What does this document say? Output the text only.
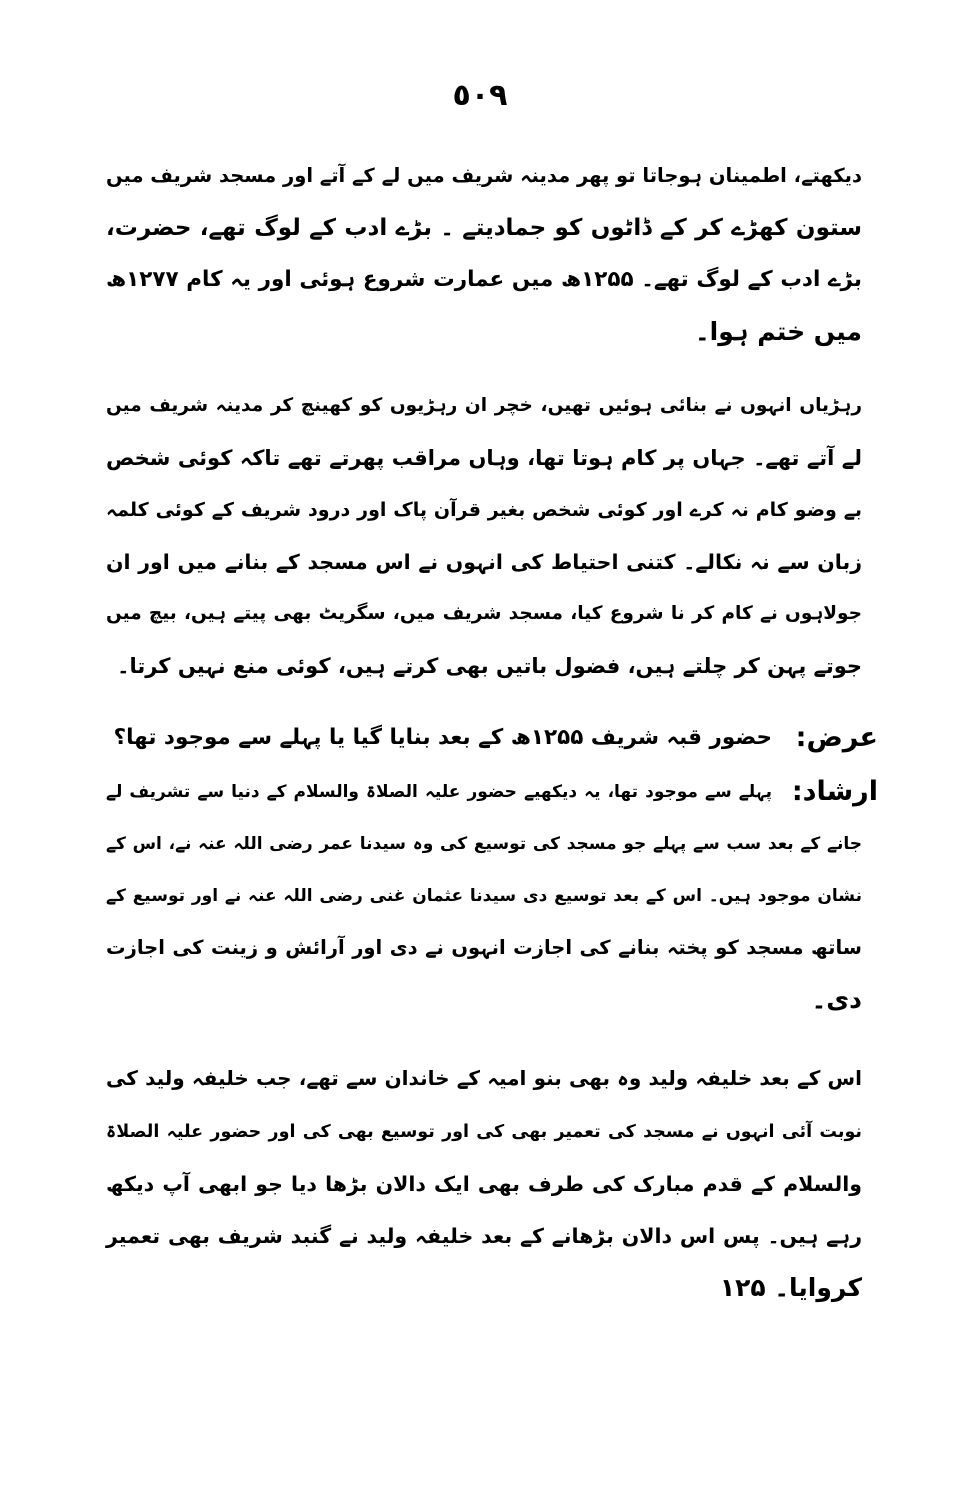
٥٠٩
دیکھتے، اطمینان ہوجاتا تو پھر مدینہ شریف میں لے کے آتے اور مسجد شریف میں
ستون کھڑے کر کے ڈاٹوں کو جمادیتے ۔ بڑے ادب کے لوگ تھے، حضرت،
بڑے ادب کے لوگ تھے۔ ۱۲۵۵ھ میں عمارت شروع ہوئی اور یہ کام ۱۲۷۷ھ
میں ختم ہوا۔
رہڑیاں انہوں نے بنائی ہوئیں تھیں، خچر ان رہڑیوں کو کھینچ کر مدینہ شریف میں
لے آتے تھے۔ جہاں پر کام ہوتا تھا، وہاں مراقب پھرتے تھے تاکہ کوئی شخص
بے وضو کام نہ کرے اور کوئی شخص بغیر قرآن پاک اور درود شریف کے کوئی کلمہ
زبان سے نہ نکالے۔ کتنی احتیاط کی انہوں نے اس مسجد کے بنانے میں اور ان
جولاہوں نے کام کر نا شروع کیا، مسجد شریف میں، سگریٹ بھی پیتے ہیں، بیچ میں
جوتے پہن کر چلتے ہیں، فضول باتیں بھی کرتے ہیں، کوئی منع نہیں کرتا۔
عرض:
حضور قبہ شریف ۱۲۵۵ھ کے بعد بنایا گیا یا پہلے سے موجود تھا؟
ارشاد:
پہلے سے موجود تھا، یہ دیکھیے حضور علیہ الصلاۃ والسلام کے دنیا سے تشریف لے
جانے کے بعد سب سے پہلے جو مسجد کی توسیع کی وہ سیدنا عمر رضی اللہ عنہ نے، اس کے
نشان موجود ہیں۔ اس کے بعد توسیع دی سیدنا عثمان غنی رضی اللہ عنہ نے اور توسیع کے
ساتھ مسجد کو پختہ بنانے کی اجازت انہوں نے دی اور آرائش و زینت کی اجازت
دی۔
اس کے بعد خلیفہ ولید وہ بھی بنو امیہ کے خاندان سے تھے، جب خلیفہ ولید کی
نوبت آئی انہوں نے مسجد کی تعمیر بھی کی اور توسیع بھی کی اور حضور علیہ الصلاۃ
والسلام کے قدم مبارک کی طرف بھی ایک دالان بڑھا دیا جو ابھی آپ دیکھ
رہے ہیں۔ پس اس دالان بڑھانے کے بعد خلیفہ ولید نے گنبد شریف بھی تعمیر
کروایا۔ ۱۲۵
